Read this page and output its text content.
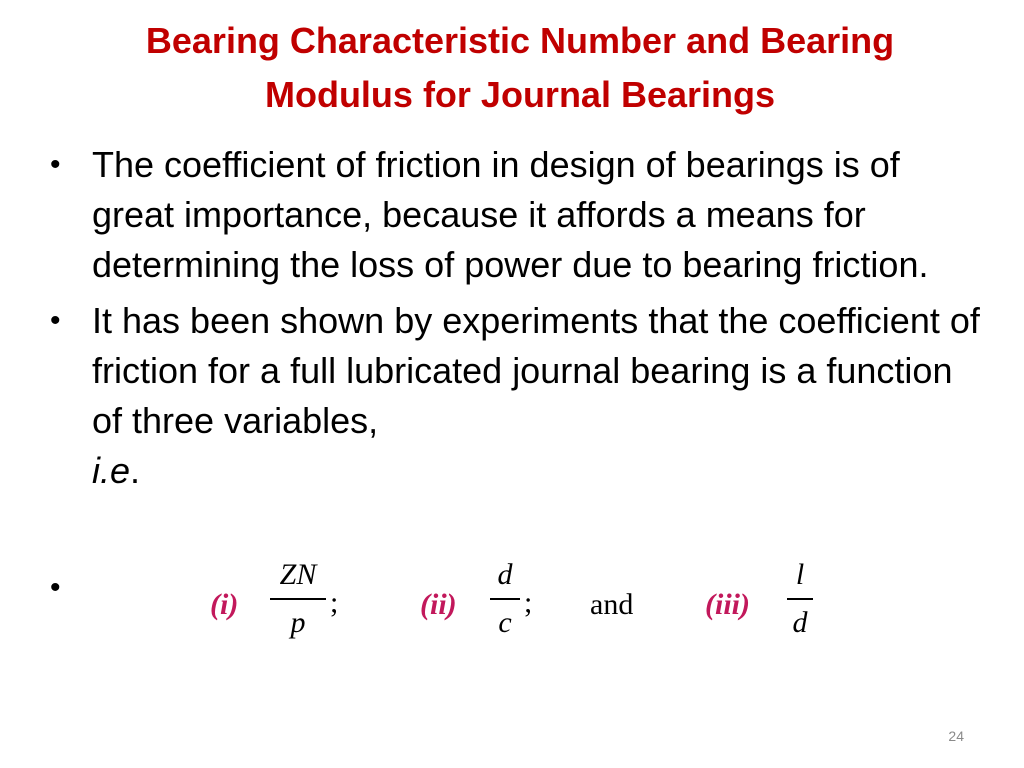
Bearing Characteristic Number and Bearing
Modulus for Journal Bearings
• The coefficient of friction in design of bearings is of great importance, because it affords a means for determining the loss of power due to bearing friction.
• It has been shown by experiments that the coefficient of friction for a full lubricated journal bearing is a function of three variables,
i.e.
•
(i)
ZN
p
;	(ii)
d
c
; and (iii)
l
d
24
